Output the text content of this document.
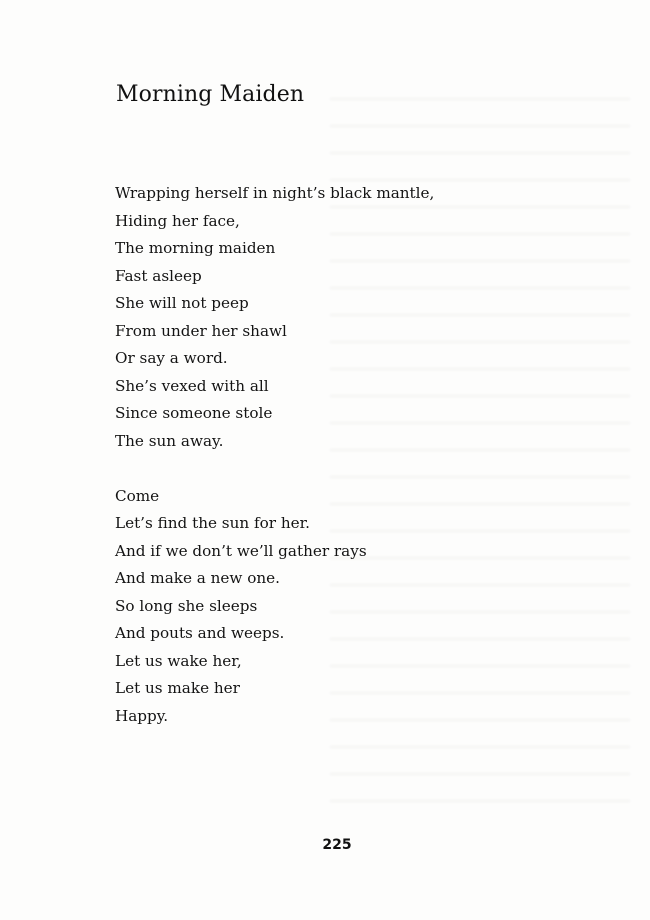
Morning Maiden
Wrapping herself in night’s black mantle,
Hiding her face,
The morning maiden
Fast asleep
She will not peep
From under her shawl
Or say a word.
She’s vexed with all
Since someone stole
The sun away.
Come
Let’s find the sun for her.
And if we don’t we’ll gather rays
And make a new one.
So long she sleeps
And pouts and weeps.
Let us wake her,
Let us make her
Happy.
225
